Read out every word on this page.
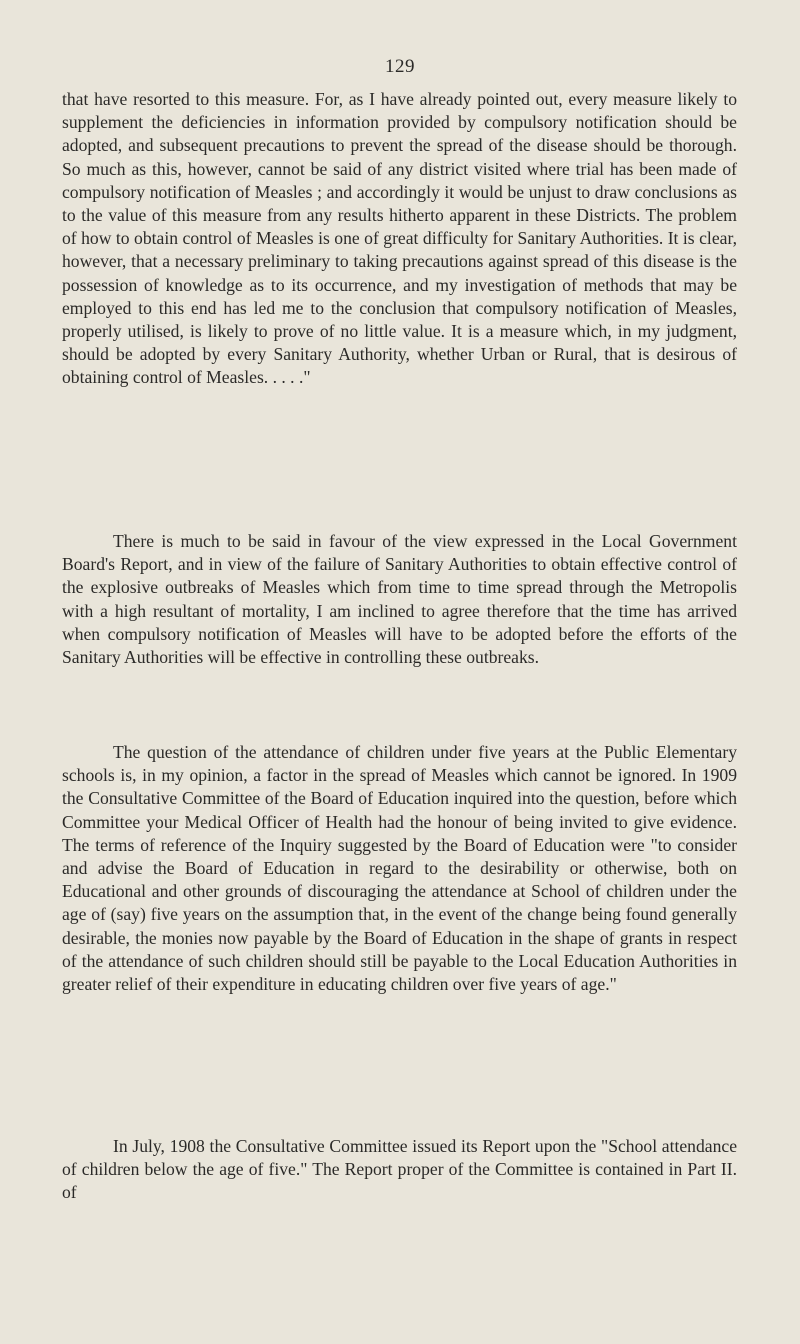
129

that have resorted to this measure. For, as I have already pointed out, every measure likely to supplement the deficiencies in information provided by compulsory notification should be adopted, and subsequent precautions to prevent the spread of the disease should be thorough. So much as this, however, cannot be said of any district visited where trial has been made of compulsory notification of Measles ; and accordingly it would be unjust to draw conclusions as to the value of this measure from any results hitherto apparent in these Districts. The problem of how to obtain control of Measles is one of great difficulty for Sanitary Authorities. It is clear, however, that a necessary preliminary to taking precautions against spread of this disease is the possession of knowledge as to its occurrence, and my investigation of methods that may be employed to this end has led me to the conclusion that compulsory notification of Measles, properly utilised, is likely to prove of no little value. It is a measure which, in my judgment, should be adopted by every Sanitary Authority, whether Urban or Rural, that is desirous of obtaining control of Measles. . . . ."

There is much to be said in favour of the view expressed in the Local Government Board's Report, and in view of the failure of Sanitary Authorities to obtain effective control of the explosive outbreaks of Measles which from time to time spread through the Metropolis with a high resultant of mortality, I am inclined to agree therefore that the time has arrived when compulsory notification of Measles will have to be adopted before the efforts of the Sanitary Authorities will be effective in controlling these outbreaks.

The question of the attendance of children under five years at the Public Elementary schools is, in my opinion, a factor in the spread of Measles which cannot be ignored. In 1909 the Consultative Committee of the Board of Education inquired into the question, before which Committee your Medical Officer of Health had the honour of being invited to give evidence. The terms of reference of the Inquiry suggested by the Board of Education were "to consider and advise the Board of Education in regard to the desirability or otherwise, both on Educational and other grounds of discouraging the attendance at School of children under the age of (say) five years on the assumption that, in the event of the change being found generally desirable, the monies now payable by the Board of Education in the shape of grants in respect of the attendance of such children should still be payable to the Local Education Authorities in greater relief of their expenditure in educating children over five years of age."

In July, 1908 the Consultative Committee issued its Report upon the "School attendance of children below the age of five." The Report proper of the Committee is contained in Part II. of
